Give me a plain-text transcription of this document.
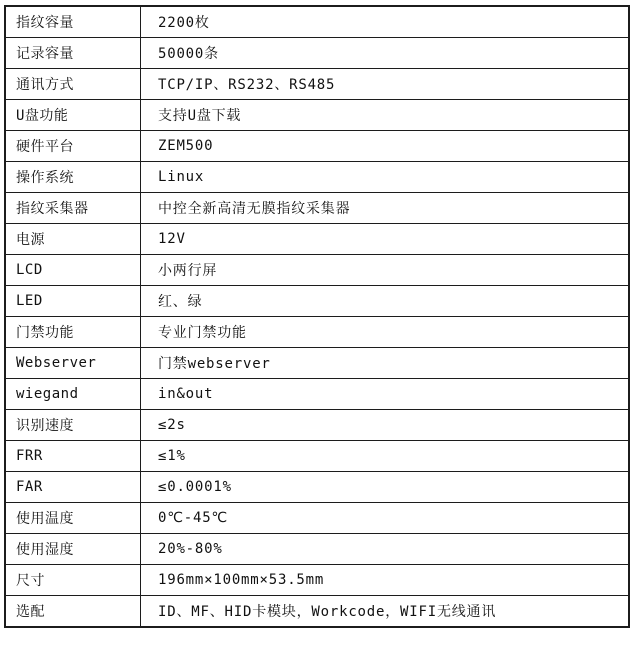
指纹容量	2200枚
记录容量	50000条
通讯方式	TCP/IP、RS232、RS485
U盘功能	支持U盘下载
硬件平台	ZEM500
操作系统	Linux
指纹采集器	中控全新高清无膜指纹采集器
电源	12V
LCD	小两行屏
LED	红、绿
门禁功能	专业门禁功能
Webserver	门禁webserver
wiegand	in&out
识别速度	≤2s
FRR	≤1%
FAR	≤0.0001%
使用温度	0℃-45℃
使用湿度	20%-80%
尺寸	196mm×100mm×53.5mm
选配	ID、MF、HID卡模块，Workcode，WIFI无线通讯
